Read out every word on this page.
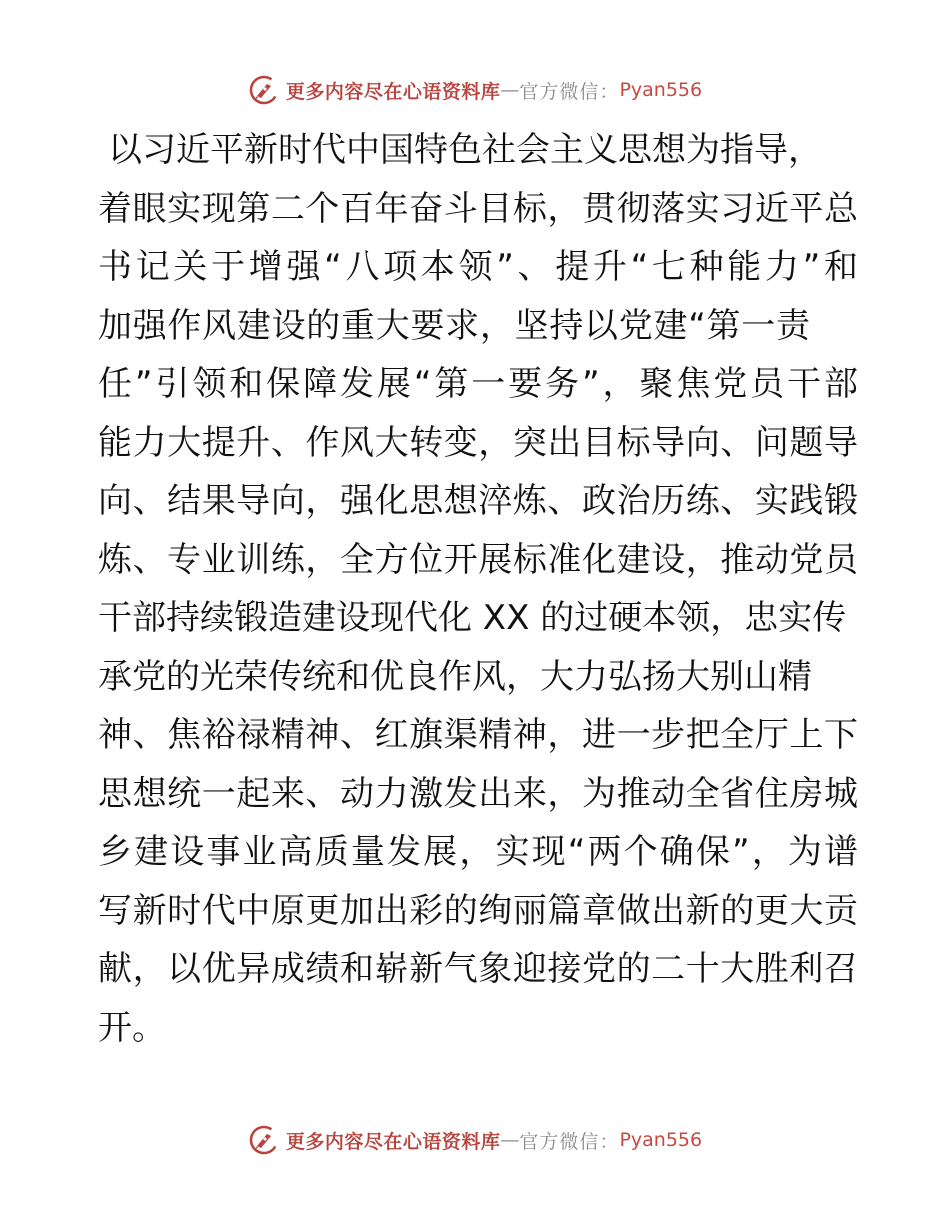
更多内容尽在心语资料库 — 官方微信： Pyan556
以习近平新时代中国特色社会主义思想为指导，
着眼实现第二个百年奋斗目标，贯彻落实习近平总
书记关于增强“八项本领”、提升“七种能力”和
加强作风建设的重大要求，坚持以党建“第一责
任”引领和保障发展“第一要务”，聚焦党员干部
能力大提升、作风大转变，突出目标导向、问题导
向、结果导向，强化思想淬炼、政治历练、实践锻
炼、专业训练，全方位开展标准化建设，推动党员
干部持续锻造建设现代化 XX 的过硬本领，忠实传
承党的光荣传统和优良作风，大力弘扬大别山精
神、焦裕禄精神、红旗渠精神，进一步把全厅上下
思想统一起来、动力激发出来，为推动全省住房城
乡建设事业高质量发展，实现“两个确保”，为谱
写新时代中原更加出彩的绚丽篇章做出新的更大贡
献，以优异成绩和崭新气象迎接党的二十大胜利召
开。
更多内容尽在心语资料库 — 官方微信： Pyan556
